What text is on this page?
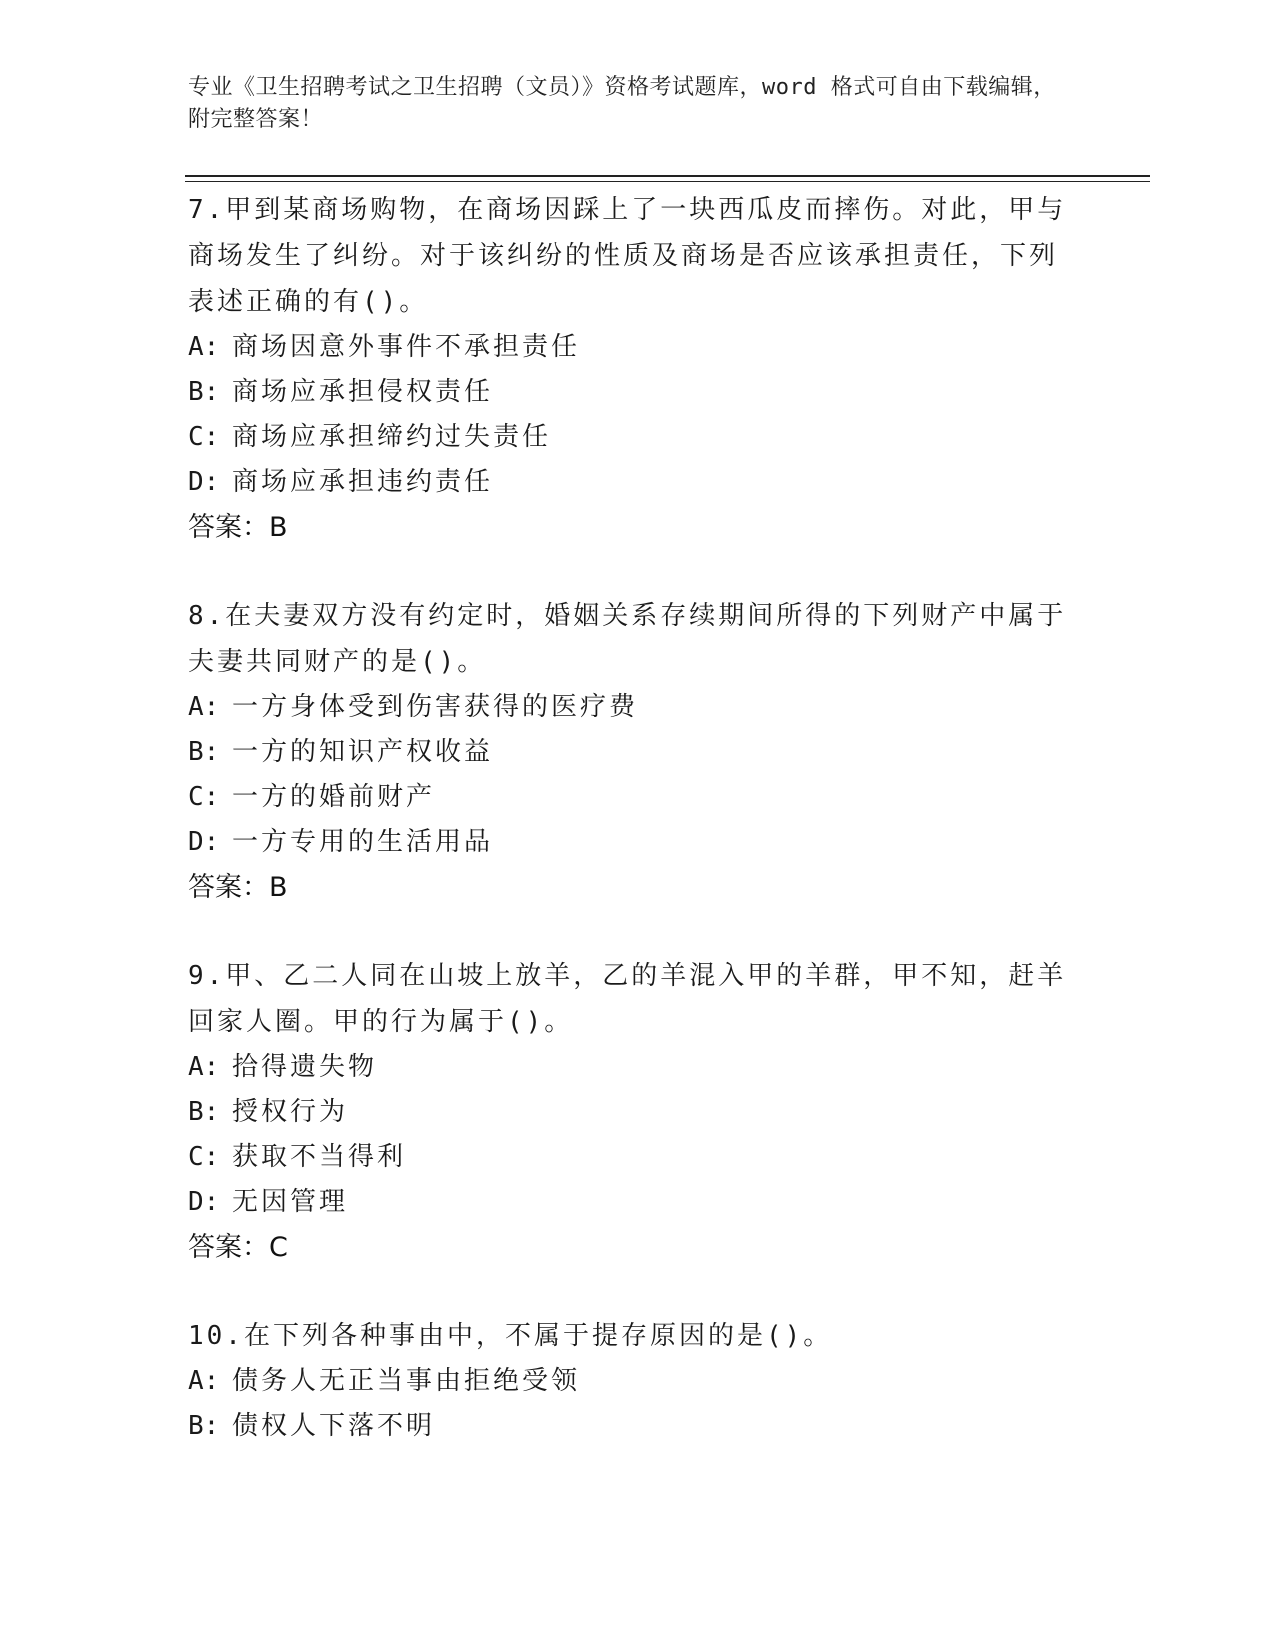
专业《卫生招聘考试之卫生招聘（文员）》资格考试题库，word 格式可自由下载编辑，附完整答案！
7.甲到某商场购物，在商场因踩上了一块西瓜皮而摔伤。对此，甲与商场发生了纠纷。对于该纠纷的性质及商场是否应该承担责任，下列表述正确的有()。
A: 商场因意外事件不承担责任
B: 商场应承担侵权责任
C: 商场应承担缔约过失责任
D: 商场应承担违约责任
答案：B
8.在夫妻双方没有约定时，婚姻关系存续期间所得的下列财产中属于夫妻共同财产的是()。
A: 一方身体受到伤害获得的医疗费
B: 一方的知识产权收益
C: 一方的婚前财产
D: 一方专用的生活用品
答案：B
9.甲、乙二人同在山坡上放羊，乙的羊混入甲的羊群，甲不知，赶羊回家人圈。甲的行为属于()。
A: 拾得遗失物
B: 授权行为
C: 获取不当得利
D: 无因管理
答案：C
10.在下列各种事由中，不属于提存原因的是()。
A: 债务人无正当事由拒绝受领
B: 债权人下落不明
